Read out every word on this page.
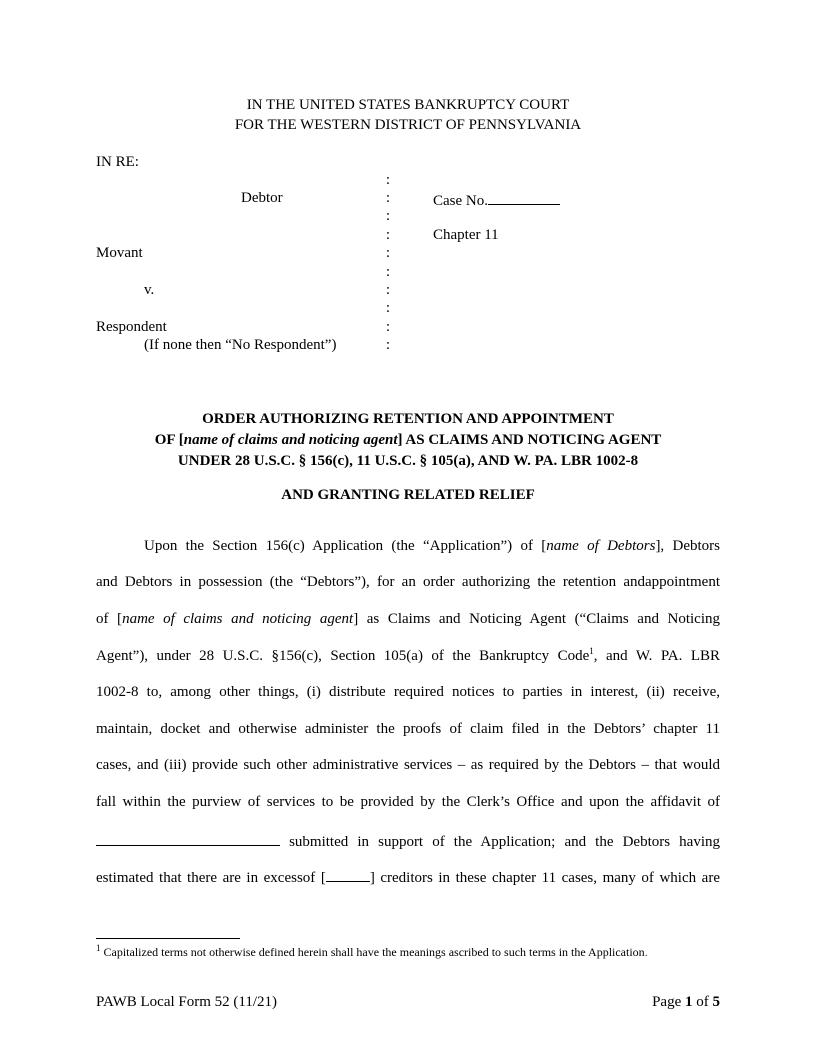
IN THE UNITED STATES BANKRUPTCY COURT
FOR THE WESTERN DISTRICT OF PENNSYLVANIA
IN RE:
:
:
:
:
:
:
:
:
:
:
Debtor
Movant
v.
Respondent
(If none then “No Respondent”)
Case No.
Chapter 11
ORDER AUTHORIZING RETENTION AND APPOINTMENT
OF [name of claims and noticing agent] AS CLAIMS AND NOTICING AGENT
UNDER 28 U.S.C. § 156(c), 11 U.S.C. § 105(a), AND W. PA. LBR 1002-8
AND GRANTING RELATED RELIEF
Upon the Section 156(c) Application (the “Application”) of [name of Debtors], Debtors
and Debtors in possession (the “Debtors”), for an order authorizing the retention andappointment
of [name of claims and noticing agent] as Claims and Noticing Agent (“Claims and Noticing
Agent”), under 28 U.S.C. §156(c), Section 105(a) of the Bankruptcy Code$^1$, and W. PA. LBR
1002-8 to, among other things, (i) distribute required notices to parties in interest, (ii) receive,
maintain, docket and otherwise administer the proofs of claim filed in the Debtors’ chapter 11
cases, and (iii) provide such other administrative services – as required by the Debtors – that would
fall within the purview of services to be provided by the Clerk’s Office and upon the affidavit of
submitted in support of the Application; and the Debtors having
estimated that there are in excessof [	] creditors in these chapter 11 cases, many of which are
$^1$ Capitalized terms not otherwise defined herein shall have the meanings ascribed to such terms in the Application.
PAWB Local Form 52 (11/21)	Page 1 of 5
